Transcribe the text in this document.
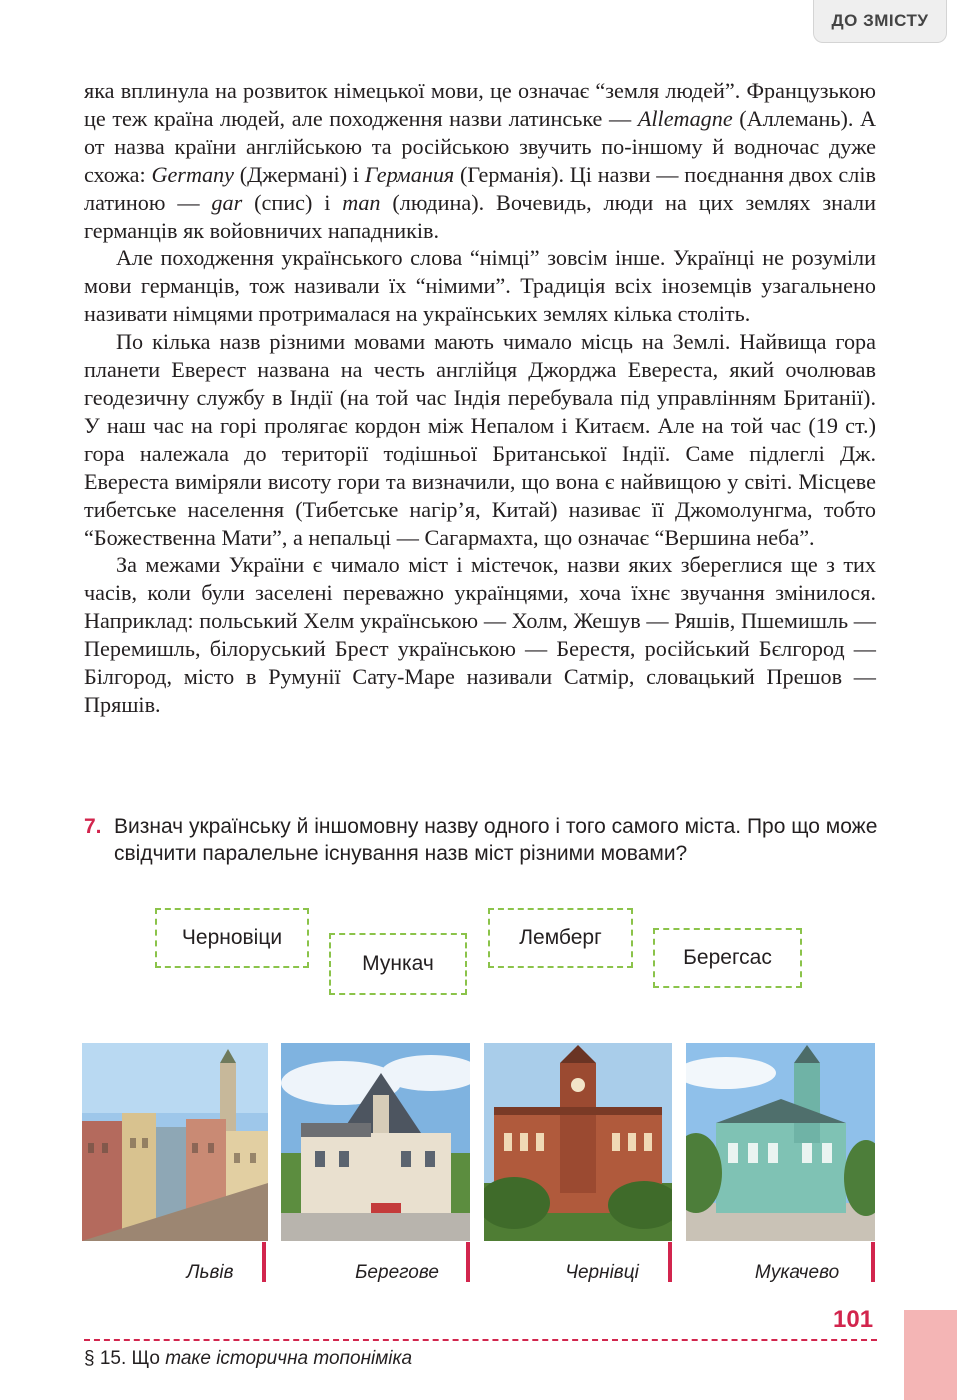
ДО ЗМІСТУ

яка вплинула на розвиток німецької мови, це означає “земля людей”. Французькою це теж країна людей, але походження назви латинське — Allemagne (Аллемань). А от назва країни англійською та російською звучить по-іншому й водночас дуже схожа: Germany (Джермані) і Германия (Германія). Ці назви — поєднання двох слів латиною — gar (спис) і man (людина). Вочевидь, люди на цих землях знали германців як войовничих нападників.

Але походження українського слова “німці” зовсім інше. Українці не розуміли мови германців, тож називали їх “німими”. Традиція всіх іноземців узагальнено називати німцями протрималася на українських землях кілька століть.

По кілька назв різними мовами мають чимало місць на Землі. Найвища гора планети Еверест названа на честь англійця Джорджа Евереста, який очолював геодезичну службу в Індії (на той час Індія перебувала під управлінням Британії). У наш час на горі пролягає кордон між Непалом і Китаєм. Але на той час (19 ст.) гора належала до території тодішньої Британської Індії. Саме підлеглі Дж. Евереста виміряли висоту гори та визначили, що вона є найвищою у світі. Місцеве тибетське населення (Тибетське нагір’я, Китай) називає її Джомолунгма, тобто “Божественна Мати”, а непальці — Сагармахта, що означає “Вершина неба”.

За межами України є чимало міст і містечок, назви яких збереглися ще з тих часів, коли були заселені переважно українцями, хоча їхнє звучання змінилося. Наприклад: польський Хелм українською — Холм, Жешув — Ряшів, Пшемишль — Перемишль, білоруський Брест українською — Берестя, російський Бєлгород — Білгород, місто в Румунії Сату-Маре називали Сатмір, словацький Прешов — Пряшів.

7. Визнач українську й іншомовну назву одного і того самого міста. Про що може свідчити паралельне існування назв міст різними мовами?
Черновіци
Мункач
Лемберг
Берегсас
Львів	Берегове	Чернівці	Мукачево
101
§ 15. Що таке історична топоніміка
